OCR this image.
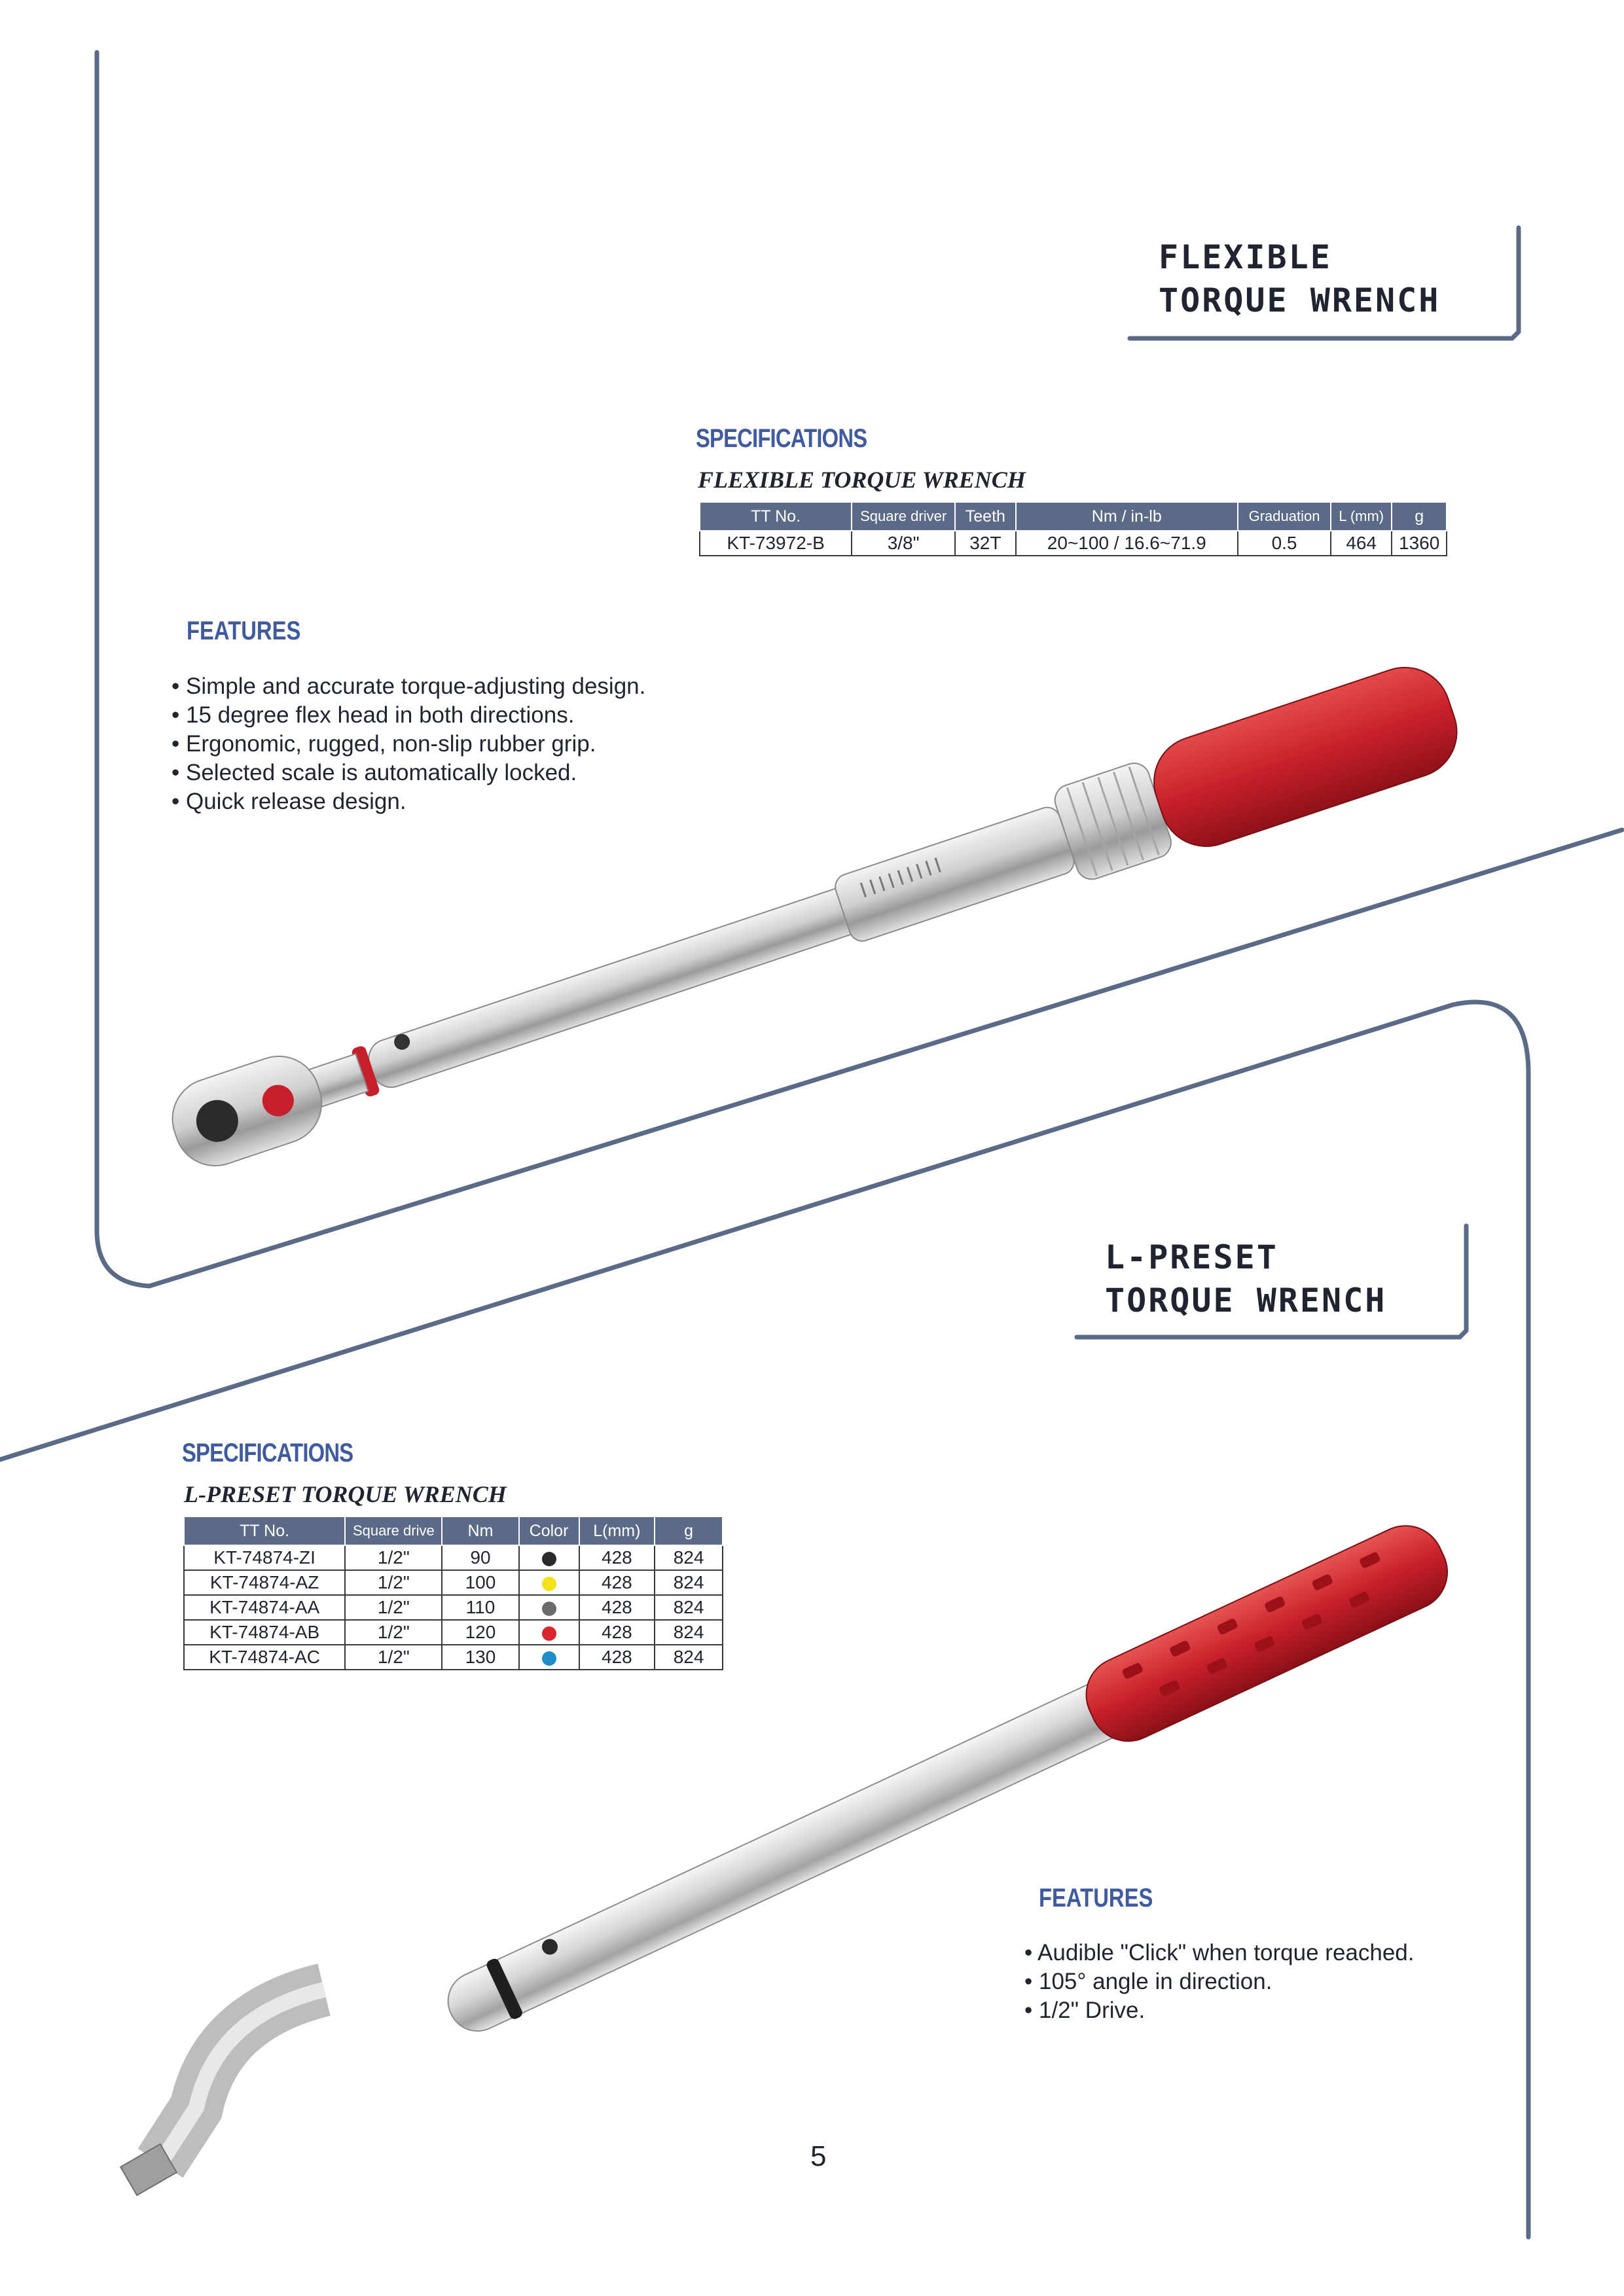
FLEXIBLE
TORQUE WRENCH
SPECIFICATIONS
FLEXIBLE TORQUE WRENCH
TT No.	Square driver	Teeth	Nm / in-lb	Graduation	L (mm)	g
KT-73972-B	3/8"	32T	20~100 / 16.6~71.9	0.5	464	1360
FEATURES
• Simple and accurate torque-adjusting design.
• 15 degree flex head in both directions.
• Ergonomic, rugged, non-slip rubber grip.
• Selected scale is automatically locked.
• Quick release design.
L-PRESET
TORQUE WRENCH
SPECIFICATIONS
L-PRESET TORQUE WRENCH
TT No.	Square drive	Nm	Color	L(mm)	g
KT-74874-ZI	1/2"	90		428	824
KT-74874-AZ	1/2"	100		428	824
KT-74874-AA	1/2"	110		428	824
KT-74874-AB	1/2"	120		428	824
KT-74874-AC	1/2"	130		428	824
FEATURES
• Audible "Click" when torque reached.
• 105° angle in direction.
• 1/2" Drive.
5
